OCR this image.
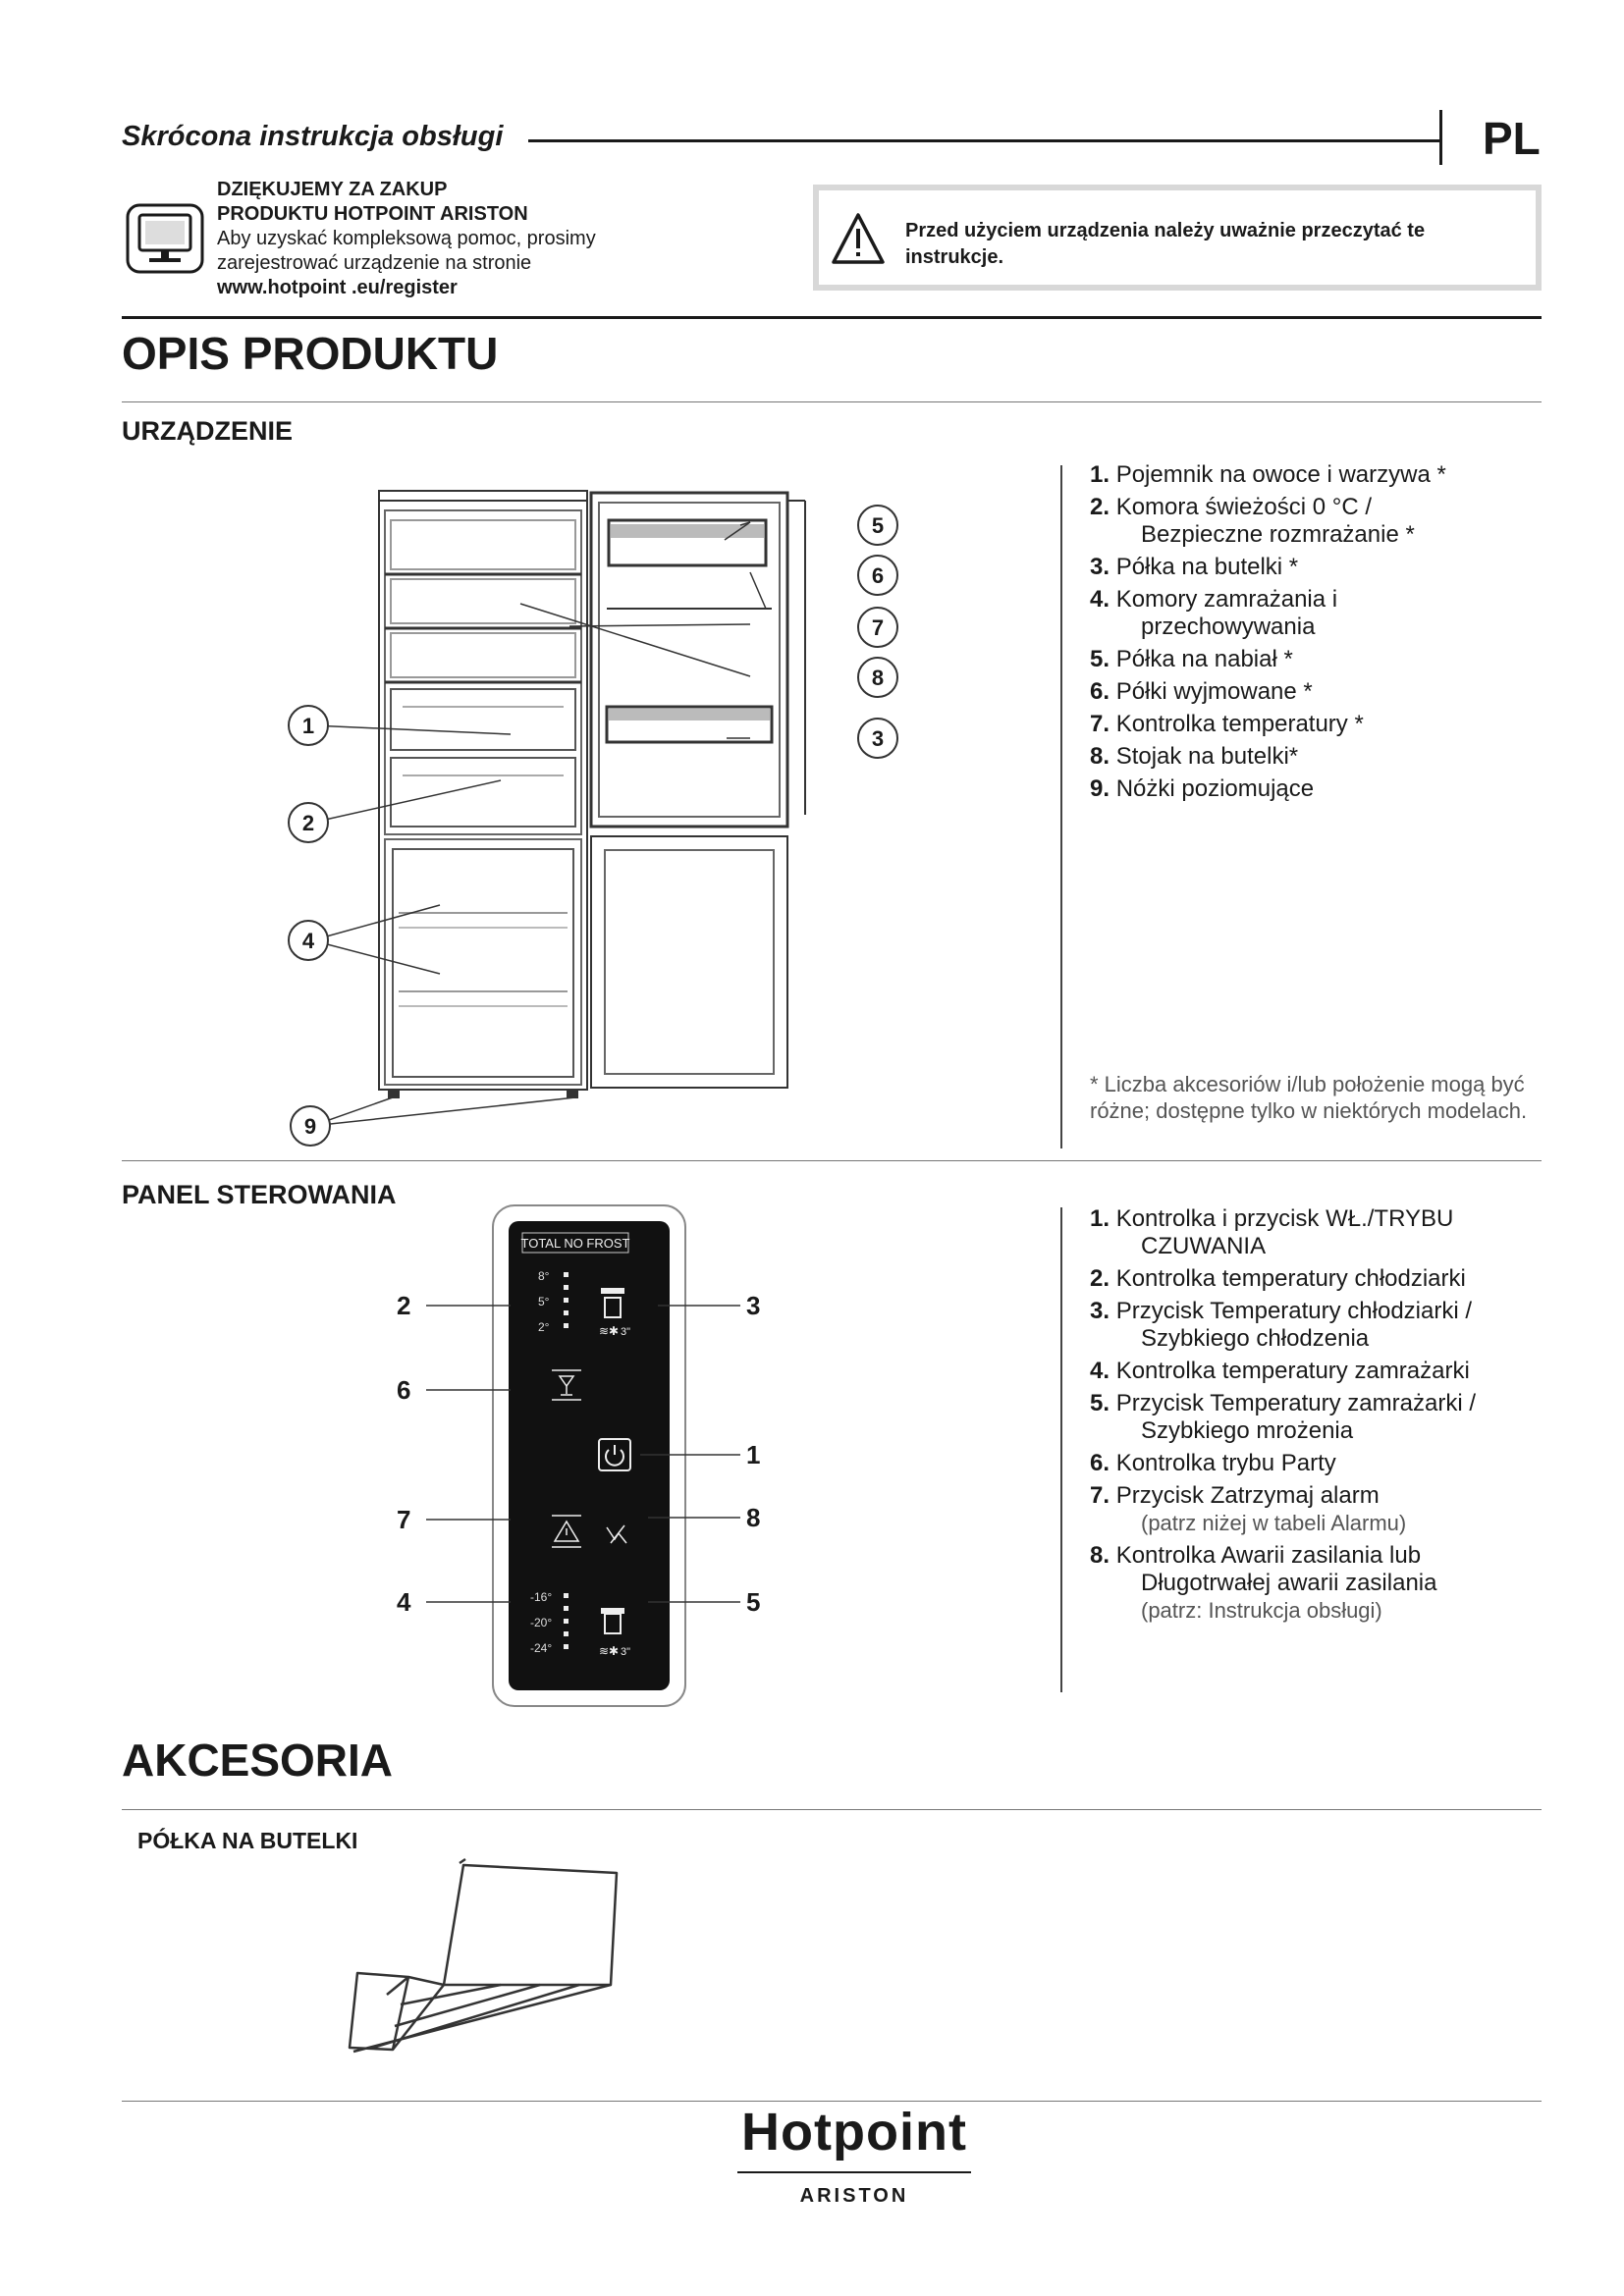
Skrócona instrukcja obsługi	PL
DZIĘKUJEMY ZA ZAKUP
PRODUKTU HOTPOINT ARISTON
Aby uzyskać kompleksową pomoc, prosimy
zarejestrować urządzenie na stronie
www.hotpoint .eu/register
Przed użyciem urządzenia należy uważnie przeczytać te instrukcje.
OPIS PRODUKTU
URZĄDZENIE
1
2
3
4
5
6
7
8
9
1. Pojemnik na owoce i warzywa *
2. Komora świeżości 0 °C /
Bezpieczne rozmrażanie *
3. Półka na butelki *
4. Komory zamrażania i
przechowywania
5. Półka na nabiał *
6. Półki wyjmowane *
7. Kontrolka temperatury *
8. Stojak na butelki*
9. Nóżki poziomujące
* Liczba akcesoriów i/lub położenie mogą być różne; dostępne tylko w niektórych modelach.
PANEL STEROWANIA
TOTAL NO FROST
8°
5°
2°	≋✱ 3"
-16°
-20°
-24°	≋✱ 3"
2
6
7
4
3
1
8
5
1. Kontrolka i przycisk WŁ./TRYBU
CZUWANIA
2. Kontrolka temperatury chłodziarki
3. Przycisk Temperatury chłodziarki /
Szybkiego chłodzenia
4. Kontrolka temperatury zamrażarki
5. Przycisk Temperatury zamrażarki /
Szybkiego mrożenia
6. Kontrolka trybu Party
7. Przycisk Zatrzymaj alarm
(patrz niżej w tabeli Alarmu)
8. Kontrolka Awarii zasilania lub
Długotrwałej awarii zasilania
(patrz: Instrukcja obsługi)
AKCESORIA
PÓŁKA NA BUTELKI
Hotpoint
ARISTON
